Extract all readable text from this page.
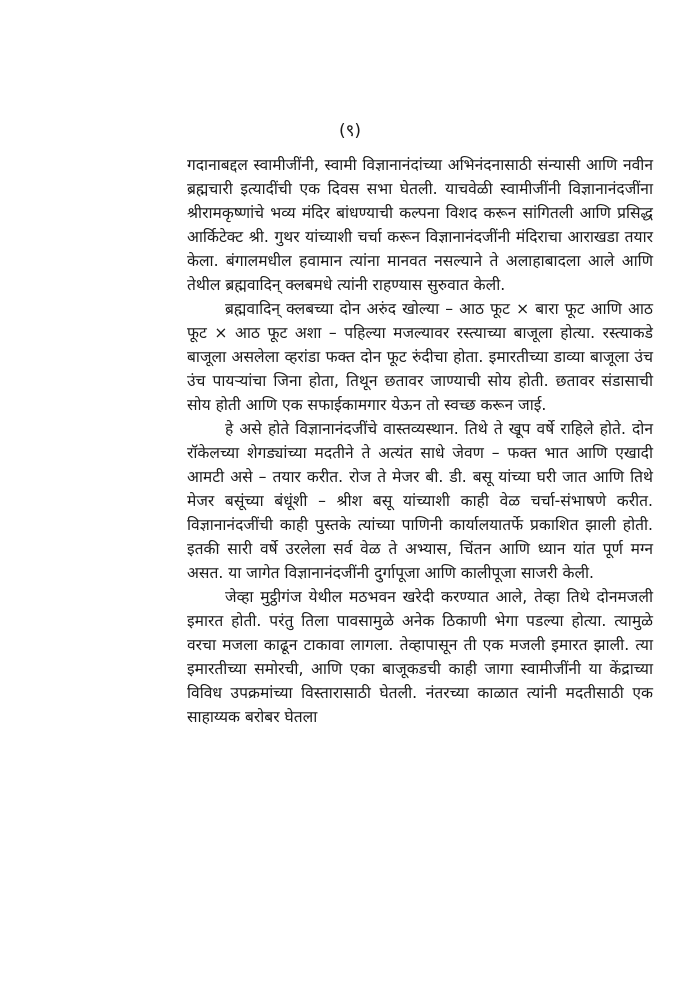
(९)

गदानाबद्दल स्वामीजींनी, स्वामी विज्ञानानंदांच्या अभिनंदनासाठी संन्यासी आणि नवीन ब्रह्मचारी इत्यादींची एक दिवस सभा घेतली. याचवेळी स्वामीजींनी विज्ञानानंदजींना श्रीरामकृष्णांचे भव्य मंदिर बांधण्याची कल्पना विशद करून सांगितली आणि प्रसिद्ध आर्किटेक्ट श्री. गुथर यांच्याशी चर्चा करून विज्ञानानंदजींनी मंदिराचा आराखडा तयार केला. बंगालमधील हवामान त्यांना मानवत नसल्याने ते अलाहाबादला आले आणि तेथील ब्रह्मवादिन् क्लबमधे त्यांनी राहण्यास सुरुवात केली.

ब्रह्मवादिन् क्लबच्या दोन अरुंद खोल्या – आठ फूट × बारा फूट आणि आठ फूट × आठ फूट अशा – पहिल्या मजल्यावर रस्त्याच्या बाजूला होत्या. रस्त्याकडे बाजूला असलेला व्हरांडा फक्त दोन फूट रुंदीचा होता. इमारतीच्या डाव्या बाजूला उंच उंच पायऱ्यांचा जिना होता, तिथून छतावर जाण्याची सोय होती. छतावर संडासाची सोय होती आणि एक सफाईकामगार येऊन तो स्वच्छ करून जाई.

हे असे होते विज्ञानानंदजींचे वास्तव्यस्थान. तिथे ते खूप वर्षे राहिले होते. दोन रॉकेलच्या शेगड्यांच्या मदतीने ते अत्यंत साधे जेवण – फक्त भात आणि एखादी आमटी असे – तयार करीत. रोज ते मेजर बी. डी. बसू यांच्या घरी जात आणि तिथे मेजर बसूंच्या बंधूंशी – श्रीश बसू यांच्याशी काही वेळ चर्चा-संभाषणे करीत. विज्ञानानंदजींची काही पुस्तके त्यांच्या पाणिनी कार्यालयातर्फे प्रकाशित झाली होती. इतकी सारी वर्षे उरलेला सर्व वेळ ते अभ्यास, चिंतन आणि ध्यान यांत पूर्ण मग्न असत. या जागेत विज्ञानानंदजींनी दुर्गापूजा आणि कालीपूजा साजरी केली.

जेव्हा मुट्ठीगंज येथील मठभवन खरेदी करण्यात आले, तेव्हा तिथे दोनमजली इमारत होती. परंतु तिला पावसामुळे अनेक ठिकाणी भेगा पडल्या होत्या. त्यामुळे वरचा मजला काढून टाकावा लागला. तेव्हापासून ती एक मजली इमारत झाली. त्या इमारतीच्या समोरची, आणि एका बाजूकडची काही जागा स्वामीजींनी या केंद्राच्या विविध उपक्रमांच्या विस्तारासाठी घेतली. नंतरच्या काळात त्यांनी मदतीसाठी एक साहाय्यक बरोबर घेतला
